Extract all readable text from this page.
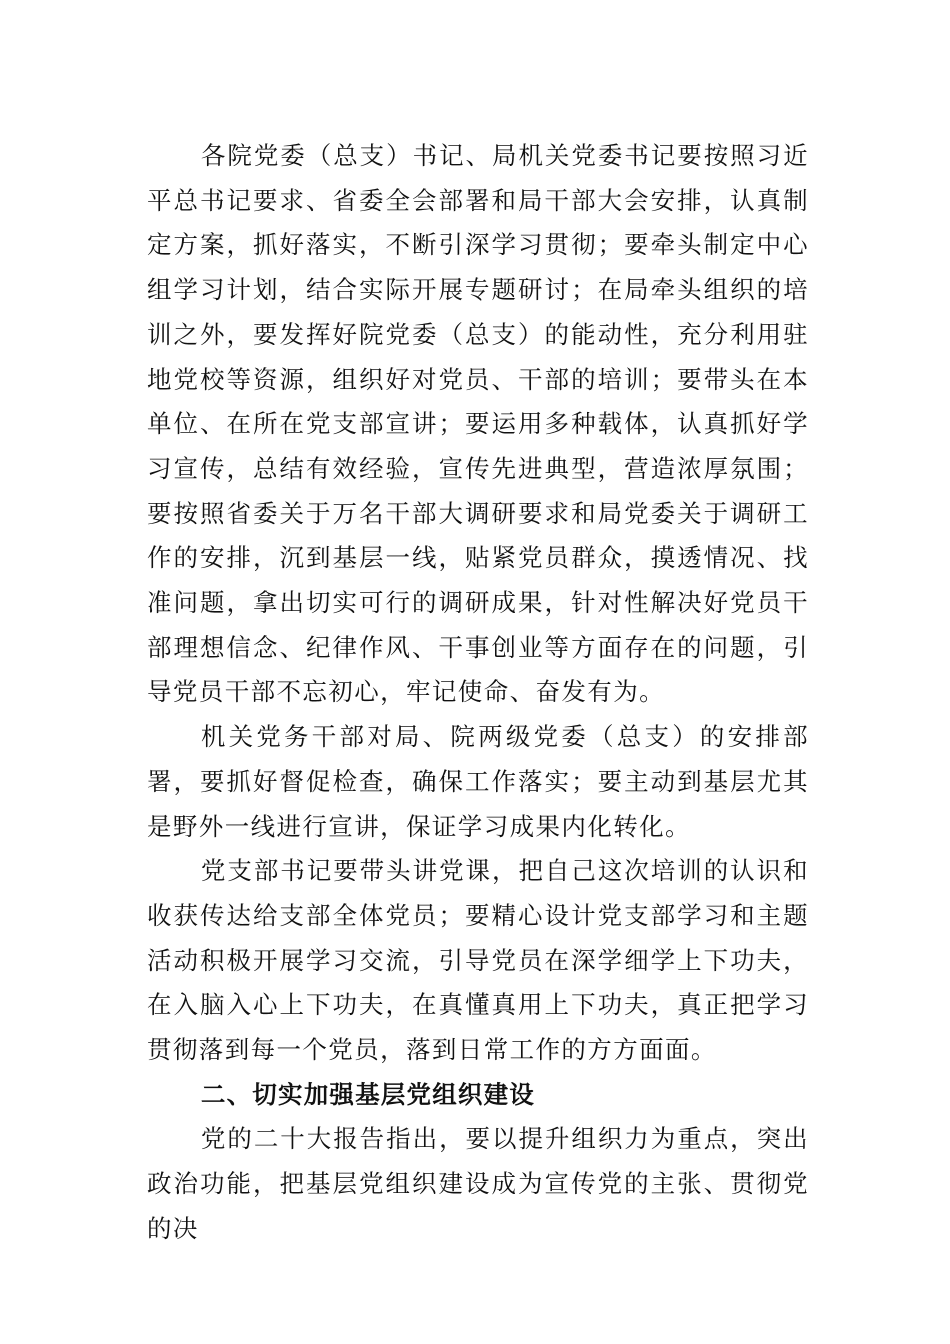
各院党委（总支）书记、局机关党委书记要按照习近平总书记要求、省委全会部署和局干部大会安排，认真制定方案，抓好落实，不断引深学习贯彻；要牵头制定中心组学习计划，结合实际开展专题研讨；在局牵头组织的培训之外，要发挥好院党委（总支）的能动性，充分利用驻地党校等资源，组织好对党员、干部的培训；要带头在本单位、在所在党支部宣讲；要运用多种载体，认真抓好学习宣传，总结有效经验，宣传先进典型，营造浓厚氛围；要按照省委关于万名干部大调研要求和局党委关于调研工作的安排，沉到基层一线，贴紧党员群众，摸透情况、找准问题，拿出切实可行的调研成果，针对性解决好党员干部理想信念、纪律作风、干事创业等方面存在的问题，引导党员干部不忘初心，牢记使命、奋发有为。

机关党务干部对局、院两级党委（总支）的安排部署，要抓好督促检查，确保工作落实；要主动到基层尤其是野外一线进行宣讲，保证学习成果内化转化。

党支部书记要带头讲党课，把自己这次培训的认识和收获传达给支部全体党员；要精心设计党支部学习和主题活动积极开展学习交流，引导党员在深学细学上下功夫，在入脑入心上下功夫，在真懂真用上下功夫，真正把学习贯彻落到每一个党员，落到日常工作的方方面面。

二、切实加强基层党组织建设

党的二十大报告指出，要以提升组织力为重点，突出政治功能，把基层党组织建设成为宣传党的主张、贯彻党的决
